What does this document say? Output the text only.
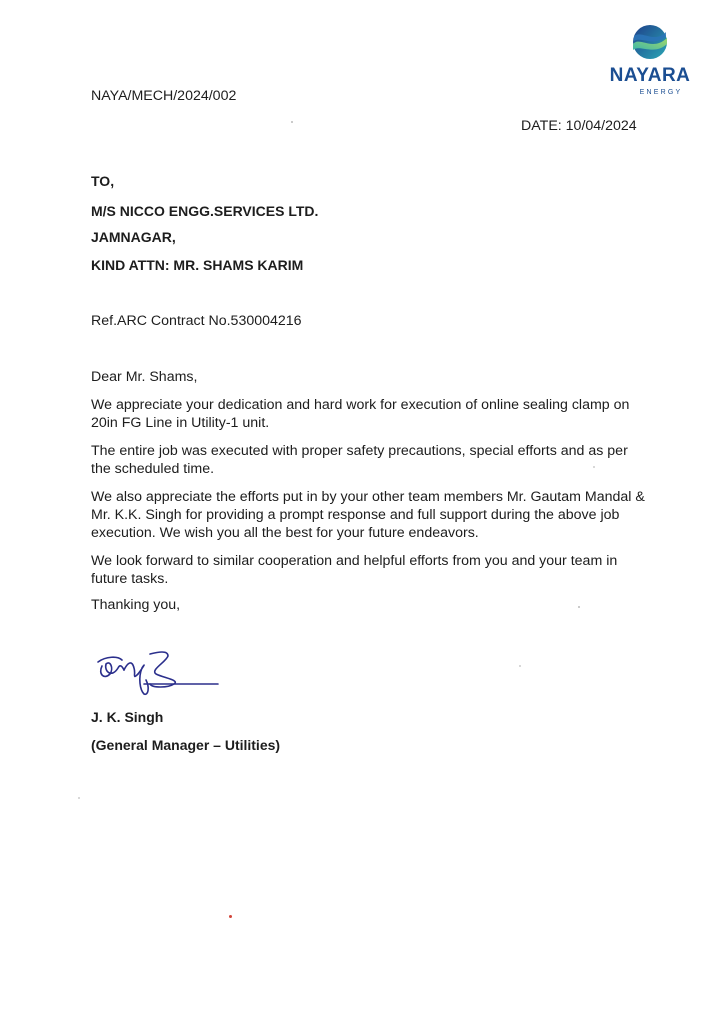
NAYARA
ENERGY
NAYA/MECH/2024/002
DATE: 10/04/2024
TO,
M/S NICCO ENGG.SERVICES LTD.
JAMNAGAR,
KIND ATTN: MR. SHAMS KARIM
Ref.ARC Contract No.530004216
Dear Mr. Shams,
We appreciate your dedication and hard work for execution of online sealing clamp on 20in FG Line in Utility-1 unit.
The entire job was executed with proper safety precautions, special efforts and as per the scheduled time.
We also appreciate the efforts put in by your other team members Mr. Gautam Mandal & Mr. K.K. Singh for providing a prompt response and full support during the above job execution. We wish you all the best for your future endeavors.
We look forward to similar cooperation and helpful efforts from you and your team in future tasks.
Thanking you,
J. K. Singh
(General Manager – Utilities)
